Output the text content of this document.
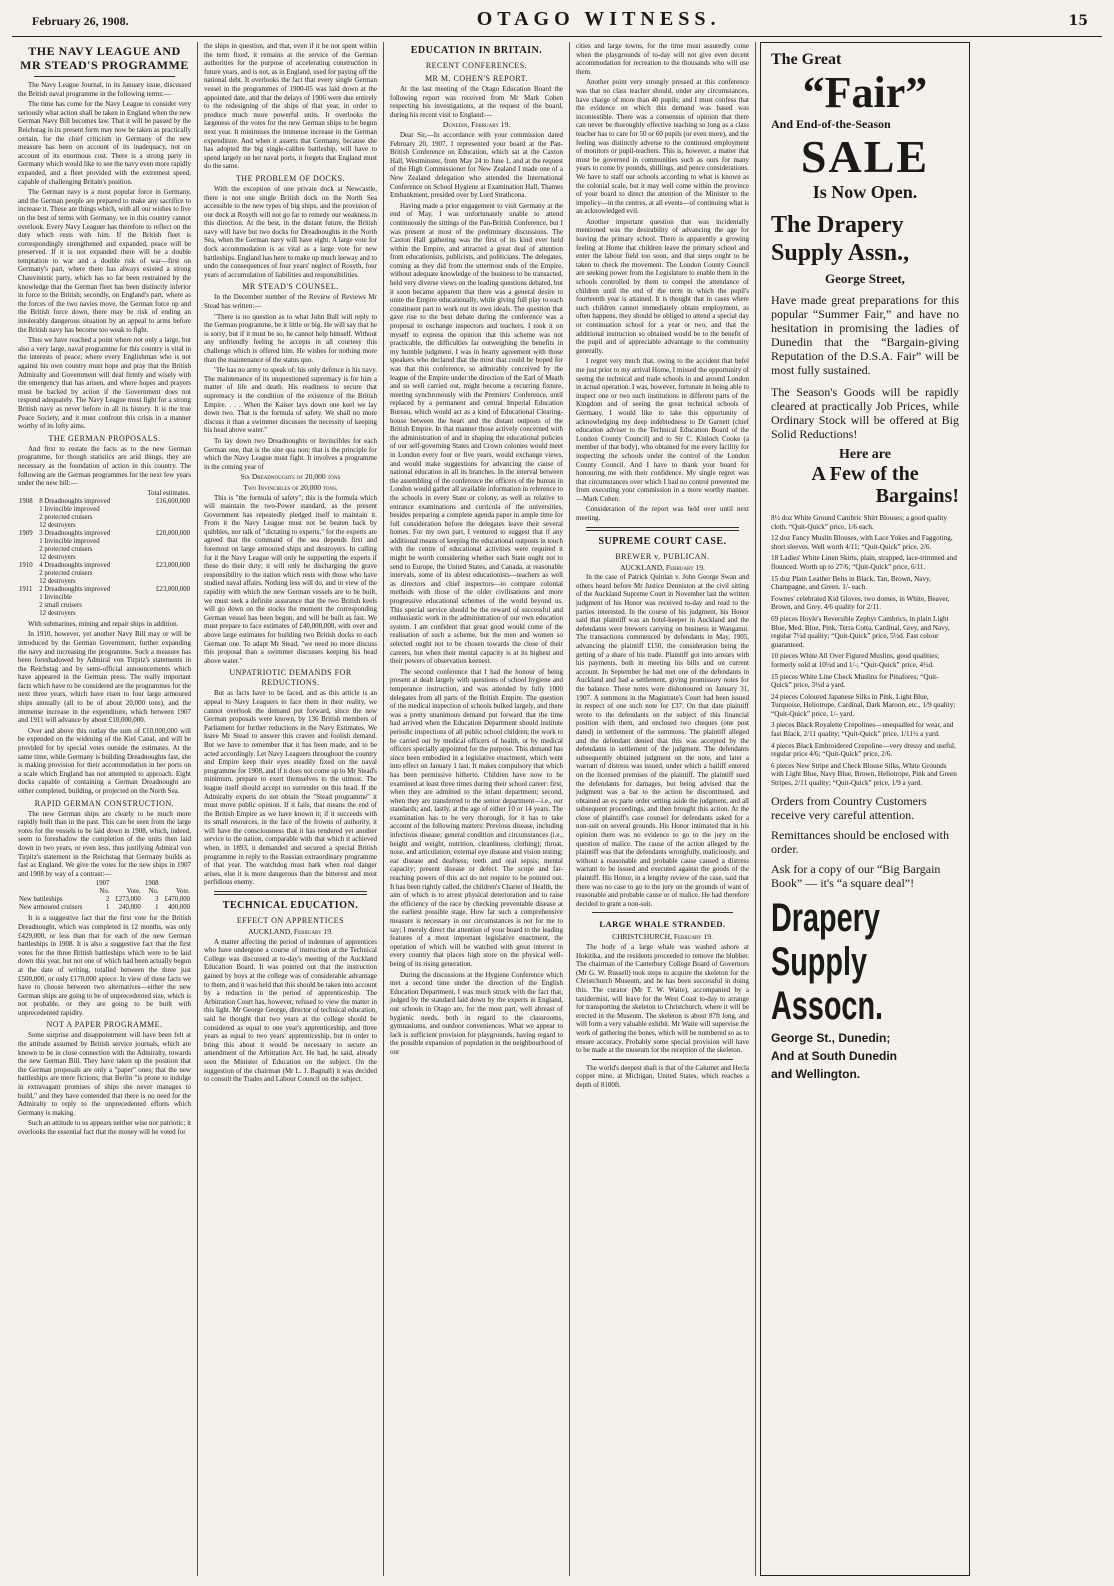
February 26, 1908.	OTAGO WITNESS.	15
THE NAVY LEAGUE AND MR STEAD'S PROGRAMME

The Navy League Journal, in its January issue, discussed the British naval programme in the following terms:—

The time has come for the Navy League to consider very seriously what action shall be taken in England when the new German Navy Bill becomes law. That it will be passed by the Reichstag in its present form may now be taken as practically certain, for the chief criticism in Germany of the new measure has been on account of its inadequacy, not on account of its enormous cost. There is a strong party in Germany which would like to see the navy even more rapidly expanded, and a fleet provided with the extremest speed, capable of challenging Britain's position.

The German navy is a most popular force in Germany, and the German people are prepared to make any sacrifice to increase it. These are things which, with all our wishes to live on the best of terms with Germany, we in this country cannot overlook. Every Navy Leaguer has therefore to reflect on the duty which rests with him. If the British fleet is correspondingly strengthened and expanded, peace will be preserved. If it is not expanded there will be a double temptation to war and a double risk of war—first on Germany's part, where there has always existed a strong Chauvinistic party, which has so far been restrained by the knowledge that the German fleet has been distinctly inferior in force to the British; secondly, on England's part, where as the forces of the two navies move, the German force up and the British force down, there may be risk of ending an intolerably dangerous situation by an appeal to arms before the British navy has become too weak to fight.

Thus we have reached a point where not only a large, but also a very large, naval programme for this country is vital in the interests of peace; where every Englishman who is not against his own country must hope and pray that the British Admiralty and Government will deal firmly and wisely with the emergency that has arisen, and where hopes and prayers must be backed by action if the Government does not respond adequately. The Navy League must fight for a strong British navy as never before in all its history. It is the true Peace Society, and it must confront this crisis in a manner worthy of its lofty aims.

THE GERMAN PROPOSALS.

And first to restate the facts as to the new German programme, for though statistics are arid things, they are necessary as the foundation of action in this country. The following are the German programmes for the next few years under the new bill:—

		Total estimates.
1908	8 Dreadnoughts improved	£16,600,000
	1 Invincible improved	
	2 protected cruisers	
	12 destroyers	
1909	3 Dreadnoughts improved	£20,000,000
	1 Invincible improved	
	2 protected cruisers	
	12 destroyers	
1910	4 Dreadnoughts improved	£23,000,000
	2 protected cruisers	
	12 destroyers	
1911	2 Dreadnoughts improved	£23,000,000
	1 Invincible	
	2 small cruisers	
	12 destroyers	

With submarines, mining and repair ships in addition.

In 1910, however, yet another Navy Bill may or will be introduced by the German Government, further expanding the navy and increasing the programme. Such a measure has been foreshadowed by Admiral von Tirpitz's statements in the Reichstag and by semi-official announcements which have appeared in the German press. The really important facts which have to be considered are the programmes for the next three years, which have risen to four large armoured ships annually (all to be of about 20,000 tons), and the immense increase in the expenditure, which between 1907 and 1911 will advance by about £10,000,000.

Over and above this outlay the sum of £10,000,000 will be expended on the widening of the Kiel Canal, and will be provided for by special votes outside the estimates. At the same time, while Germany is building Dreadnoughts fast, she is making provision for their accommodation in her ports on a scale which England has not attempted to approach. Eight docks capable of containing a German Dreadnought are either completed, building, or projected on the North Sea.

RAPID GERMAN CONSTRUCTION.

The new German ships are clearly to be much more rapidly built than in the past. This can be seen from the large votes for the vessels to be laid down in 1908, which, indeed, seem to foreshadow the completion of the units then laid down in two years, or even less, thus justifying Admiral von Tirpitz's statement in the Reichstag that Germany builds as fast as England. We give the votes for the new ships in 1907 and 1908 by way of a contrast:—

	1907		1908	
	No.	Vote.	No.	Vote.
New battleships	2	£273,000	3	£470,000
New armoured cruisers	1	240,000	1	400,000

It is a suggestive fact that the first vote for the British Dreadnought, which was completed in 12 months, was only £429,000, or less than that for each of the new German battleships in 1908. It is also a suggestive fact that the first votes for the three British battleships which were to be laid down this year, but not one of which had been actually begun at the date of writing, totalled between the three just £500,000, or only £170,000 apiece. In view of these facts we have to choose between two alternatives—either the new German ships are going to be of unprecedented size, which is not probable, or they are going to be built with unprecedented rapidity.

NOT A PAPER PROGRAMME.

Some surprise and disappointment will have been felt at the attitude assumed by British service journals, which are known to be in close connection with the Admiralty, towards the new German Bill. They have taken up the position that the German proposals are only a "paper" ones; that the new battleships are mere fictions; that Berlin "is prone to indulge in extravagant promises of ships she never manages to build," and they have contended that there is no need for the Admiralty to reply to the unprecedented efforts which Germany is making.

Such an attitude to us appears neither wise nor patriotic; it overlooks the essential fact that the money will be voted for

the ships in question, and that, even if it be not spent within the term fixed, it remains at the service of the German authorities for the purpose of accelerating construction in future years, and is not, as in England, used for paying off the national debt. It overlooks the fact that every single German vessel in the programmes of 1900-05 was laid down at the appointed date, and that the delays of 1906 were due entirely to the redesigning of the ships of that year, in order to produce much more powerful units. It overlooks the largeness of the votes for the new German ships to be begun next year. It minimises the immense increase in the German expenditure. And when it asserts that Germany, because she has adopted the big single-calibre battleship, will have to spend largely on her naval ports, it forgets that England must do the same.

THE PROBLEM OF DOCKS.

With the exception of one private dock at Newcastle, there is not one single British dock on the North Sea accessible to the new types of big ships, and the provision of our dock at Rosyth will not go far to remedy our weakness in this direction. At the best, in the distant future, the British navy will have but two docks for Dreadnoughts in the North Sea, when the German navy will have eight. A large vote for dock accommodation is as vital as a large vote for new battleships. England has here to make up much leeway and to undo the consequences of four years' neglect of Rosyth, four years of accumulation of liabilities and responsibilities.

MR STEAD'S COUNSEL.

In the December number of the Review of Reviews Mr Stead has written:—

"There is no question as to what John Bull will reply to the German programme, be it little or big. He will say that he is sorry; but if it must be so, he cannot help himself. Without any unfriendly feeling he accepts in all courtesy this challenge which is offered him. He wishes for nothing more than the maintenance of the status quo.

"He has no army to speak of; his only defence is his navy. The maintenance of its unquestioned supremacy is for him a matter of life and death. His readiness to secure that supremacy is the condition of the existence of the British Empire. . . . When the Kaiser lays down one keel we lay down two. That is the formula of safety. We shall no more discuss it than a swimmer discusses the necessity of keeping his head above water."

To lay down two Dreadnoughts or Invincibles for each German one, that is the sine qua non; that is the principle for which the Navy League must fight. It involves a programme in the coming year of

Six Dreadnoughts of 20,000 tons
Two Invincibles of 20,000 tons.

This is "the formula of safety"; this is the formula which will maintain the two-Power standard, as the present Government has repeatedly pledged itself to maintain it. From it the Navy League must not be beaten back by quibbles, nor talk of "dictating to experts," for the experts are agreed that the command of the sea depends first and foremost on large armoured ships and destroyers. In calling for it the Navy League will only be supporting the experts if these do their duty; it will only be discharging the grave responsibility to the nation which rests with those who have studied naval affairs. Nothing less will do, and in view of the rapidity with which the new German vessels are to be built, we must seek a definite assurance that the two British keels will go down on the stocks the moment the corresponding German vessel has been begun, and will be built as fast. We must prepare to face estimates of £40,000,000, with over and above large estimates for building two British docks to each German one. To adapt Mr Stead, "we need no more discuss this proposal than a swimmer discusses keeping his head above water."

UNPATRIOTIC DEMANDS FOR REDUCTIONS.

But as facts have to be faced, and as this article is an appeal to Navy Leaguers to face them in their reality, we cannot overlook the demand put forward, since the new German proposals were known, by 136 British members of Parliament for further reductions in the Navy Estimates. We leave Mr Stead to answer this craven and foolish demand. But we have to remember that it has been made, and to be acted accordingly. Let Navy Leaguers throughout the country and Empire keep their eyes steadily fixed on the naval programme for 1908, and if it does not come up to Mr Stead's minimum, prepare to exert themselves to the utmost. The league itself should accept no surrender on this head. If the Admiralty experts do not obtain the "Stead programme" it must move public opinion. If it fails, that means the end of the British Empire as we have known it; if it succeeds with its small resources, in the face of the frowns of authority, it will have the consciousness that it has rendered yet another service to the nation, comparable with that which it achieved when, in 1893, it demanded and secured a special British programme in reply to the Russian extraordinary programme of that year. The watchdog must bark when real danger arises, else it is more dangerous than the bitterest and most perfidious enemy.

TECHNICAL EDUCATION.
EFFECT ON APPRENTICES
AUCKLAND, February 19.

A matter affecting the period of indenture of apprentices who have undergone a course of instruction at the Technical College was discussed at to-day's meeting of the Auckland Education Board. It was pointed out that the instruction gained by boys at the college was of considerable advantage to them, and it was held that this should be taken into account by a reduction in the period of apprenticeship. The Arbitration Court has, however, refused to view the matter in this light. Mr George George, director of technical education, said he thought that two years at the college should be considered as equal to one year's apprenticeship, and three years as equal to two years' apprenticeship, but in order to bring this about it would be necessary to secure an amendment of the Arbitration Act. He had, he said, already seen the Minister of Education on the subject. On the suggestion of the chairman (Mr L. J. Bagnall) it was decided to consult the Trades and Labour Council on the subject.

EDUCATION IN BRITAIN.
RECENT CONFERENCES.
MR M. COHEN'S REPORT.

At the last meeting of the Otago Education Board the following report was received from Mr Mark Cohen respecting his investigations, at the request of the board, during his recent visit to England:—

Dunedin, February 19.

Dear Sir,—In accordance with your commission dated February 20, 1907, I represented your board at the Pan-British Conference on Education, which sat at the Caxton Hall, Westminster, from May 24 to June 1, and at the request of the High Commissioner for New Zealand I made one of a New Zealand delegation who attended the International Conference on School Hygiene at Examination Hall, Thames Embankment, presided over by Lord Strathcona.

Having made a prior engagement to visit Germany at the end of May, I was unfortunately unable to attend continuously the sittings of the Pan-British Conference, but I was present at most of the preliminary discussions. The Caxton Hall gathering was the first of its kind ever held within the Empire, and attracted a great deal of attention from educationists, publicists, and politicians. The delegates, coming as they did from the uttermost ends of the Empire, without adequate knowledge of the business to be transacted, held very diverse views on the leading questions debated, but it soon became apparent that there was a general desire to unite the Empire educationally, while giving full play to each constituent part to work out its own ideals. The question that gave rise to the best debate during the conference was a proposal to exchange inspectors and teachers. I took it on myself to express the opinion that this scheme was not practicable, the difficulties far outweighing the benefits in my humble judgment. I was in hearty agreement with those speakers who declared that the most that could be hoped for was that this conference, so admirably conceived by the league of the Empire under the direction of the Earl of Meath and so well carried out, might become a recurring fixture, meeting synchronously with the Premiers' Conference, until replaced by a permanent and central Imperial Education Bureau, which would act as a kind of Educational Clearing-house between the heart and the distant outposts of the British Empire. In that manner those actively concerned with the administration of and in shaping the educational policies of our self-governing States and Crown colonies would meet in London every four or five years, would exchange views, and would make suggestions for advancing the cause of national education in all its branches. In the interval between the assembling of the conference the officers of the bureau in London would gather all available information in reference to the schools in every State or colony, as well as relative to entrance examinations and curricula of the universities, besides preparing a complete agenda paper in ample time for full consideration before the delegates leave their several homes. For my own part, I ventured to suggest that if any additional means of keeping the educational outposts in touch with the centre of educational activities were required it might be worth considering whether each State ought not to send to Europe, the United States, and Canada, at reasonable intervals, some of its ablest educationists—teachers as well as directors and chief inspectors—to compare colonial methods with those of the older civilisations and more progressive educational schemes of the world beyond us. This special service should be the reward of successful and enthusiastic work in the administration of our own education system. I am confident that great good would come of the realisation of such a scheme, but the men and women so selected ought not to be chosen towards the close of their careers, but when their mental capacity is at its highest and their powers of observation keenest.

The second conference that I had the honour of being present at dealt largely with questions of school hygiene and temperance instruction, and was attended by fully 1000 delegates from all parts of the British Empire. The question of the medical inspection of schools bulked largely, and there was a pretty unanimous demand put forward that the time had arrived when the Education Department should institute periodic inspections of all public school children; the work to be carried out by medical officers of health, or by medical officers specially appointed for the purpose. This demand has since been embodied in a legislative enactment, which went into effect on January 1 last. It makes compulsory that which has been permissive hitherto. Children have now to be examined at least three times during their school career: first, when they are admitted to the infant department; second, when they are transferred to the senior department—i.e., our standards; and, lastly, at the age of either 10 or 14 years. The examination has to be very thorough, for it has to take account of the following matters: Previous disease, including infectious disease; general condition and circumstances (i.e., height and weight, nutrition, cleanliness, clothing); throat, nose, and articulation; external eye disease and vision testing; ear disease and deafness; teeth and oral sepsis; mental capacity; present disease or defect. The scope and far-reaching powers of this act do not require to be pointed out. It has been rightly called, the children's Charter of Health, the aim of which is to arrest physical deterioration and to raise the efficiency of the race by checking preventable disease at the earliest possible stage. How far such a comprehensive measure is necessary in our circumstances is not for me to say; I merely direct the attention of your board to the leading features of a most important legislative enactment, the operation of which will be watched with great interest in every country that places high store on the physical well-being of its rising generation.

During the discussions at the Hygiene Conference which met a second time under the direction of the English Education Department, I was much struck with the fact that, judged by the standard laid down by the experts in England, our schools in Otago are, for the most part, well abreast of hygienic needs, both in regard to the classrooms, gymnasiums, and outdoor conveniences. What we appear to lack is sufficient provision for playgrounds, having regard to the possible expansion of population in the neighbourhood of our

cities and large towns, for the time must assuredly come when the playgrounds of to-day will not give even decent accommodation for recreation to the thousands who will use them.

Another point very strongly pressed at this conference was that no class teacher should, under any circumstances, have charge of more than 40 pupils; and I must confess that the evidence on which this demand was based was incontestible. There was a consensus of opinion that there can never be thoroughly effective teaching so long as a class teacher has to care for 50 or 60 pupils (or even more), and the feeling was distinctly adverse to the continued employment of monitors or pupil-teachers. This is, however, a matter that must be governed in communities such as ours for many years to come by pounds, shillings, and pence considerations. We have to staff our schools according to what is known as the colonial scale, but it may well come within the province of your board to direct the attention of the Minister to the impolicy—in the centres, at all events—of continuing what is an acknowledged evil.

Another important question that was incidentally mentioned was the desirability of advancing the age for leaving the primary school. There is apparently a growing feeling at Home that children leave the primary school and enter the labour field too soon, and that steps ought to be taken to check the movement. The London County Council are seeking power from the Legislature to enable them in the schools controlled by them to compel the attendance of children until the end of the term in which the pupil's fourteenth year is attained. It is thought that in cases where such children cannot immediately obtain employment, as often happens, they should be obliged to attend a special day or continuation school for a year or two, and that the additional instruction so obtained would be to the benefit of the pupil and of appreciable advantage to the community generally.

I regret very much that, owing to the accident that befel me just prior to my arrival Home, I missed the opportunity of seeing the technical and trade schools in and around London in actual operation. I was, however, fortunate in being able to inspect one or two such institutions in different parts of the Kingdom and of seeing the great technical schools of Germany. I would like to take this opportunity of acknowledging my deep indebtedness to Dr Garnett (chief education adviser to the Technical Education Board of the London County Council) and to Sir C. Kinloch Cooke (a member of that body), who obtained for me every facility for inspecting the schools under the control of the London County Council. And I have to thank your board for honouring me with their confidence. My single regret was that circumstances over which I had no control prevented me from executing your commission in a more worthy manner.—Mark Cohen.

Consideration of the report was held over until next meeting.

SUPREME COURT CASE.
BREWER v. PUBLICAN.
AUCKLAND, February 19.

In the case of Patrick Quinlan v. John George Swan and others heard before Mr Justice Denniston at the civil sitting of the Auckland Supreme Court in November last the written judgment of his Honor was received to-day and read to the parties interested. In the course of his judgment, his Honor said that plaintiff was an hotel-keeper in Auckland and the defendants were brewers carrying on business in Wanganui. The transactions commenced by defendants in May, 1905, advancing the plaintiff £150, the consideration being the getting of a share of his trade. Plaintiff got into arrears with his payments, both in meeting his bills and on current account. In September he had met one of the defendants in Auckland and had a settlement, giving promissory notes for the balance. These notes were dishonoured on January 31, 1907. A summons in the Magistrate's Court had been issued in respect of one such note for £37. On that date plaintiff wrote to the defendants on the subject of this financial position with them, and enclosed two cheques (one post dated) in settlement of the summons. The plaintiff alleged and the defendant denied that this was accepted by the defendants in settlement of the judgment. The defendants subsequently obtained judgment on the note, and later a warrant of distress was issued, under which a bailiff entered on the licensed premises of the plaintiff. The plaintiff sued the defendants for damages, but being advised that the judgment was a bar to the action he discontinued, and obtained an ex parte order setting aside the judgment, and all subsequent proceedings, and then brought this action. At the close of plaintiff's case counsel for defendants asked for a non-suit on several grounds. His Honor intimated that in his opinion there was no evidence to go to the jury on the question of malice. The cause of the action alleged by the plaintiff was that the defendants wrongfully, maliciously, and without a reasonable and probable cause caused a distress warrant to be issued and executed against the goods of the plaintiff. His Honor, in a lengthy review of the case, said that there was no case to go to the jury on the grounds of want of reasonable and probable cause or of malice. He had therefore decided to grant a non-suit.

LARGE WHALE STRANDED.
CHRISTCHURCH, February 19.

The body of a large whale was washed ashore at Hokitika, and the residents proceeded to remove the blubber. The chairman of the Canterbury College Board of Governors (Mr G. W. Russell) took steps to acquire the skeleton for the Christchurch Museum, and he has been successful in doing this. The curator (Mr T. W. Waite), accompanied by a taxidermist, will leave for the West Coast to-day to arrange for transporting the skeleton to Christchurch, where it will be erected in the Museum. The skeleton is about 87ft long, and will form a very valuable exhibit. Mr Waite will supervise the work of gathering the bones, which will be numbered so as to ensure accuracy. Probably some special provision will have to be made at the museum for the reception of the skeleton.

The world's deepest shaft is that of the Calumet and Hecla copper mine, at Michigan, United States, which reaches a depth of 8100ft.

The Great
“Fair”
And End-of-the-Season
SALE
Is Now Open.
The Drapery Supply Assn.,
George Street,
Have made great preparations for this popular “Summer Fair,” and have no hesitation in promising the ladies of Dunedin that the “Bargain-giving Reputation of the D.S.A. Fair” will be most fully sustained.
The Season's Goods will be rapidly cleared at practically Job Prices, while Ordinary Stock will be offered at Big Solid Reductions!
Here are
A Few of the
Bargains!
8½ doz White Ground Cambric Shirt Blouses; a good quality cloth. “Quit-Quick” price, 1/6 each.
12 doz Fancy Muslin Blouses, with Lace Yokes and Faggoting, short sleeves. Well worth 4/11; “Quit-Quick” price, 2/6.
18 Ladies' White Linen Skirts, plain, strapped, lace-trimmed and flounced. Worth up to 27/6; “Quit-Quick” price, 6/11.
15 doz Plain Leather Belts in Black, Tan, Brown, Navy, Champagne, and Green. 1/- each.
Fownes' celebrated Kid Gloves, two domes, in White, Beaver, Brown, and Grey. 4/6 quality for 2/11.
69 pieces Hoyle's Reversible Zephyr Cambrics, in plain Light Blue, Med. Blue, Pink, Terra Cotta, Cardinal, Grey, and Navy, regular 7½d quality; “Quit-Quick” price, 5½d. Fast colour guaranteed.
10 pieces White All Over Figured Muslins, good qualities; formerly sold at 10½d and 1/-; “Quit-Quick” price, 4½d.
15 pieces White Line Check Muslins for Pinafores; “Quit-Quick” price, 3½d a yard.
24 pieces Coloured Japanese Silks in Pink, Light Blue, Turquoise, Heliotrope, Cardinal, Dark Maroon, etc., 1/9 quality; “Quit-Quick” price, 1/- yard.
3 pieces Black Royalette Crepolines—unequalled for wear, and fast Black, 2/11 quality; “Quit-Quick” price, 1/11½ a yard.
4 pieces Black Embroidered Crepoline—very dressy and useful, regular price 4/6; “Quit-Quick” price, 2/6.
6 pieces New Stripe and Check Blouse Silks, White Grounds with Light Blue, Navy Blue, Brown, Heliotrope, Pink and Green Stripes, 2/11 quality; “Quit-Quick” price, 1/9 a yard.
Orders from Country Customers receive very careful attention.
Remittances should be enclosed with order.
Ask for a copy of our “Big Bargain Book” — it's “a square deal”!
Drapery
Supply
Assocn.
George St., Dunedin;
And at South Dunedin
and Wellington.
